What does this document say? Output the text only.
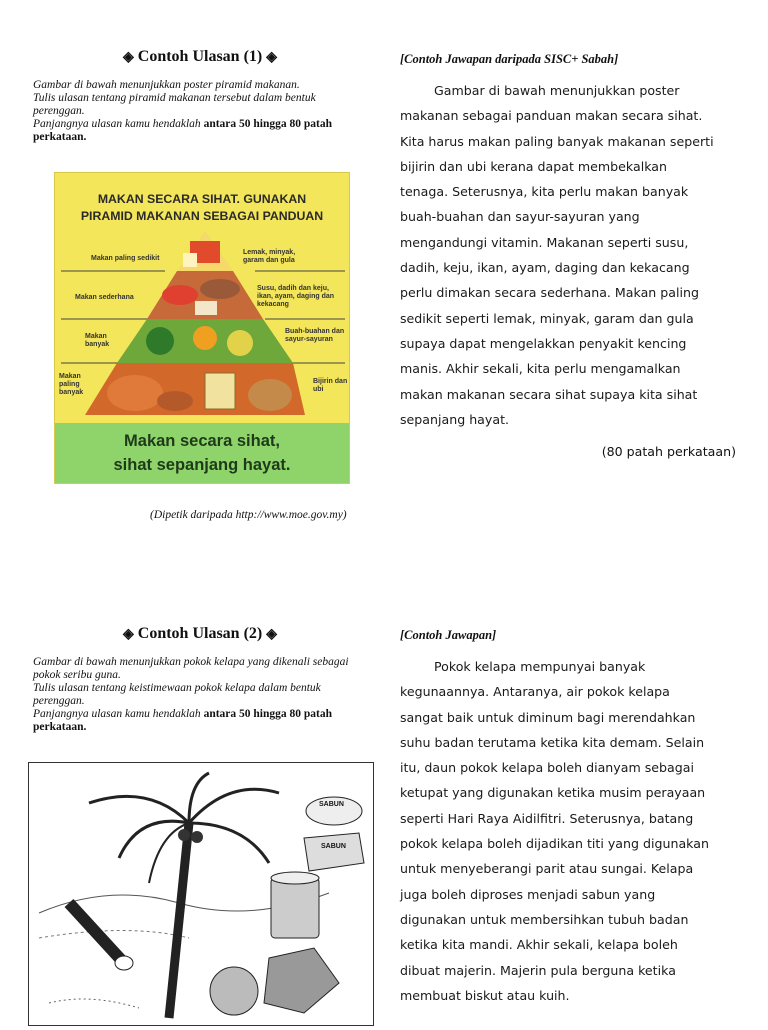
◈ Contoh Ulasan (1) ◈
Gambar di bawah menunjukkan poster piramid makanan.
Tulis ulasan tentang piramid makanan tersebut dalam bentuk perenggan.
Panjangnya ulasan kamu hendaklah antara 50 hingga 80 patah perkataan.
MAKAN SECARA SIHAT. GUNAKAN
PIRAMID MAKANAN SEBAGAI PANDUAN
Makan paling sedikit
Makan sederhana
Makan banyak
Makan paling banyak
Lemak, minyak, garam dan gula
Susu, dadih dan keju, ikan, ayam, daging dan kekacang
Buah-buahan dan sayur-sayuran
Bijirin dan ubi
Makan secara sihat,
sihat sepanjang hayat.
(Dipetik daripada http://www.moe.gov.my)
[Contoh Jawapan daripada SISC+ Sabah]
Gambar di bawah menunjukkan poster
makanan sebagai panduan makan secara sihat.
Kita harus makan paling banyak makanan seperti
bijirin dan ubi kerana dapat membekalkan
tenaga. Seterusnya, kita perlu makan banyak
buah-buahan dan sayur-sayuran yang
mengandungi vitamin. Makanan seperti susu,
dadih, keju, ikan, ayam, daging dan kekacang
perlu dimakan secara sederhana. Makan paling
sedikit seperti lemak, minyak, garam dan gula
supaya dapat mengelakkan penyakit kencing
manis. Akhir sekali, kita perlu mengamalkan
makan makanan secara sihat supaya kita sihat
sepanjang hayat.
(80 patah perkataan)
◈ Contoh Ulasan (2) ◈
Gambar di bawah menunjukkan pokok kelapa yang dikenali sebagai pokok seribu guna.
Tulis ulasan tentang keistimewaan pokok kelapa dalam bentuk perenggan.
Panjangnya ulasan kamu hendaklah antara 50 hingga 80 patah perkataan.
SABUN
SABUN
[Contoh Jawapan]
Pokok kelapa mempunyai banyak
kegunaannya. Antaranya, air pokok kelapa
sangat baik untuk diminum bagi merendahkan
suhu badan terutama ketika kita demam. Selain
itu, daun pokok kelapa boleh dianyam sebagai
ketupat yang digunakan ketika musim perayaan
seperti Hari Raya Aidilfitri. Seterusnya, batang
pokok kelapa boleh dijadikan titi yang digunakan
untuk menyeberangi parit atau sungai. Kelapa
juga boleh diproses menjadi sabun yang
digunakan untuk membersihkan tubuh badan
ketika kita mandi. Akhir sekali, kelapa boleh
dibuat majerin. Majerin pula berguna ketika
membuat biskut atau kuih.
